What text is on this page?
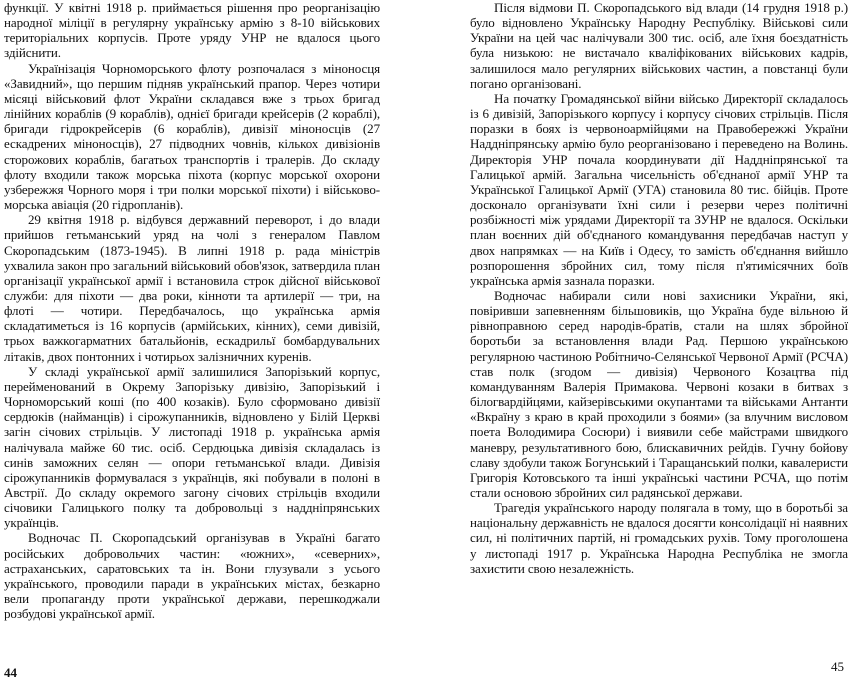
функції. У квітні 1918 р. приймається рішення про реорганізацію народної міліції в регулярну українську армію з 8-10 військових територіальних корпусів. Проте уряду УНР не вдалося цього здійснити.

Українізація Чорноморського флоту розпочалася з міноносця «Завидний», що першим підняв український прапор. Через чотири місяці військовий флот України складався вже з трьох бригад лінійних кораблів (9 кораблів), однієї бригади крейсерів (2 кораблі), бригади гідрокрейсерів (6 кораблів), дивізії міноносців (27 ескадрених міноносців), 27 підводних човнів, кількох дивізіонів сторожових кораблів, багатьох транспортів і тралерів. До складу флоту входили також морська піхота (корпус морської охорони узбережжя Чорного моря і три полки морської піхоти) і військово-морська авіація (20 гідропланів).

29 квітня 1918 р. відбувся державний переворот, і до влади прийшов гетьманський уряд на чолі з генералом Павлом Скоропадським (1873-1945). В липні 1918 р. рада міністрів ухвалила закон про загальний військовий обов'язок, затвердила план організації української армії і встановила строк дійсної військової служби: для піхоти — два роки, кінноти та артилерії — три, на флоті — чотири. Передбачалось, що українська армія складатиметься із 16 корпусів (армійських, кінних), семи дивізій, трьох важкогарматних батальйонів, ескадрильї бомбардувальних літаків, двох понтонних і чотирьох залізничних куренів.

У складі української армії залишилися Запорізький корпус, перейменований в Окрему Запорізьку дивізію, Запорізький і Чорноморський коші (по 400 козаків). Було сформовано дивізії сердюків (найманців) і сірожупанників, відновлено у Білій Церкві загін січових стрільців. У листопаді 1918 р. українська армія налічувала майже 60 тис. осіб. Сердюцька дивізія складалась із синів заможних селян — опори гетьманської влади. Дивізія сірожупанників формувалася з українців, які побували в полоні в Австрії. До складу окремого загону січових стрільців входили січовики Галицького полку та добровольці з наддніпрянських українців.

Водночас П. Скоропадський організував в Україні багато російських добровольчих частин: «южних», «северних», астраханських, саратовських та ін. Вони глузували з усього українського, проводили паради в українських містах, безкарно вели пропаганду проти української держави, перешкоджали розбудові української армії.

Після відмови П. Скоропадського від влади (14 грудня 1918 р.) було відновлено Українську Народну Республіку. Військові сили України на цей час налічували 300 тис. осіб, але їхня боєздатність була низькою: не вистачало кваліфікованих військових кадрів, залишилося мало регулярних військових частин, а повстанці були погано організовані.

На початку Громадянської війни військо Директорії складалось із 6 дивізій, Запорізького корпусу і корпусу січових стрільців. Після поразки в боях із червоноармійцями на Правобережжі України Наддніпрянську армію було реорганізовано і переведено на Волинь. Директорія УНР почала координувати дії Наддніпрянської та Галицької армій. Загальна чисельність об'єднаної армії УНР та Української Галицької Армії (УГА) становила 80 тис. бійців. Проте досконало організувати їхні сили і резерви через політичні розбіжності між урядами Директорії та ЗУНР не вдалося. Оскільки план воєнних дій об'єднаного командування передбачав наступ у двох напрямках — на Київ і Одесу, то замість об'єднання вийшло розпорошення збройних сил, тому після п'ятимісячних боїв українська армія зазнала поразки.

Водночас набирали сили нові захисники України, які, повіривши запевненням більшовиків, що Україна буде вільною й рівноправною серед народів-братів, стали на шлях збройної боротьби за встановлення влади Рад. Першою українською регулярною частиною Робітничо-Селянської Червоної Армії (РСЧА) став полк (згодом — дивізія) Червоного Козацтва під командуванням Валерія Примакова. Червоні козаки в битвах з білогвардійцями, кайзерівськими окупантами та військами Антанти «Вкраїну з краю в край проходили з боями» (за влучним висловом поета Володимира Сосюри) і виявили себе майстрами швидкого маневру, результативного бою, блискавичних рейдів. Гучну бойову славу здобули також Богунський і Таращанський полки, кавалеристи Григорія Котовського та інші українські частини РСЧА, що потім стали основою збройних сил радянської держави.

Трагедія українського народу полягала в тому, що в боротьбі за національну державність не вдалося досягти консолідації ні наявних сил, ні політичних партій, ні громадських рухів. Тому проголошена у листопаді 1917 р. Українська Народна Республіка не змогла захистити свою незалежність.

44	45
